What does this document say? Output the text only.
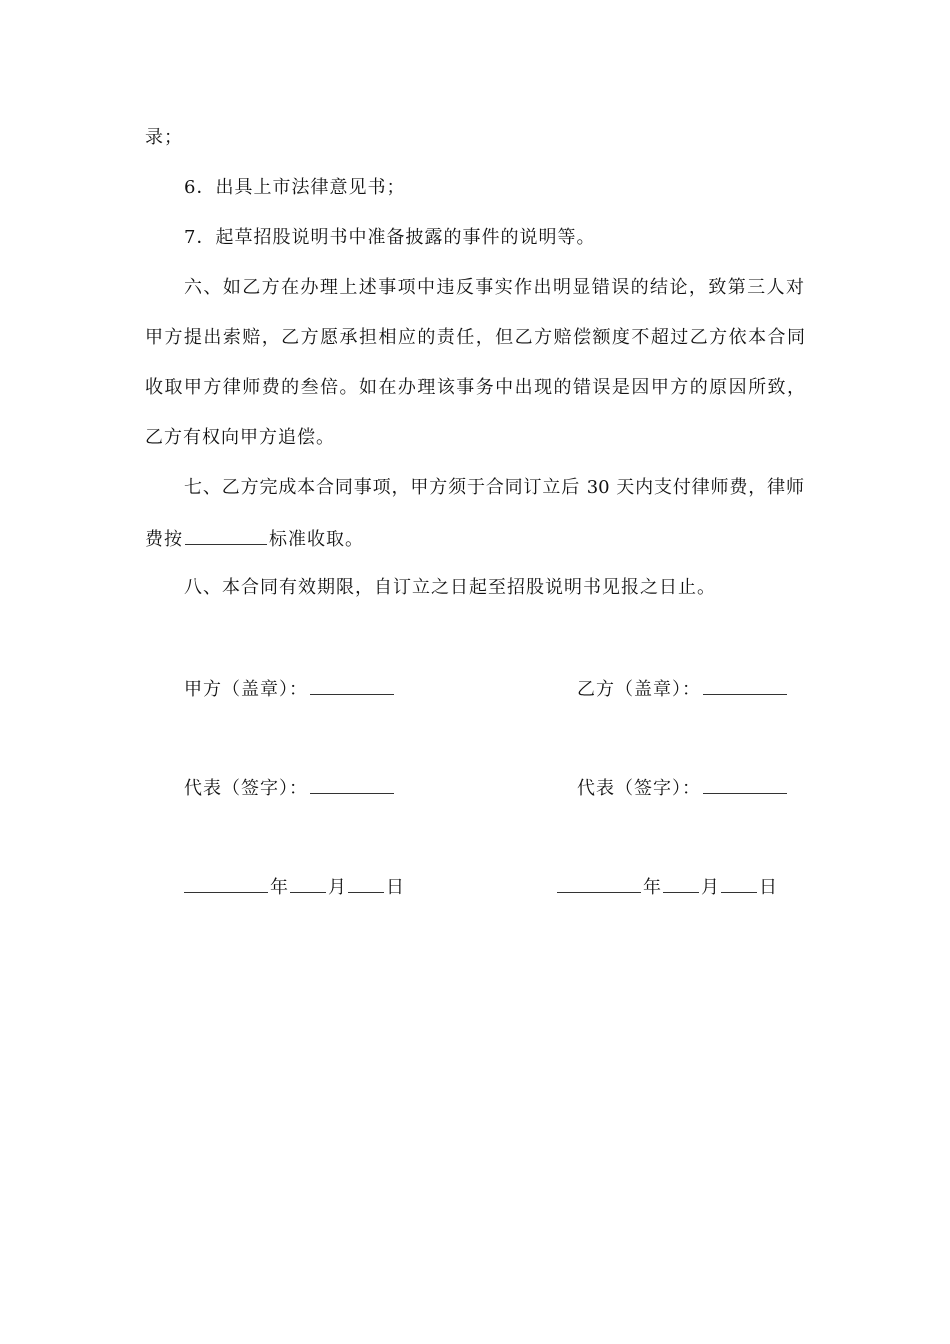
录；
6．出具上市法律意见书；
7．起草招股说明书中准备披露的事件的说明等。
六、如乙方在办理上述事项中违反事实作出明显错误的结论，致第三人对
甲方提出索赔，乙方愿承担相应的责任，但乙方赔偿额度不超过乙方依本合同
收取甲方律师费的叁倍。如在办理该事务中出现的错误是因甲方的原因所致，
乙方有权向甲方追偿。
七、乙方完成本合同事项，甲方须于合同订立后 30 天内支付律师费，律师
费按	标准收取。
八、本合同有效期限，自订立之日起至招股说明书见报之日止。
甲方（盖章）：	乙方（盖章）：
代表（签字）：	代表（签字）：
年 月 日	年 月 日
